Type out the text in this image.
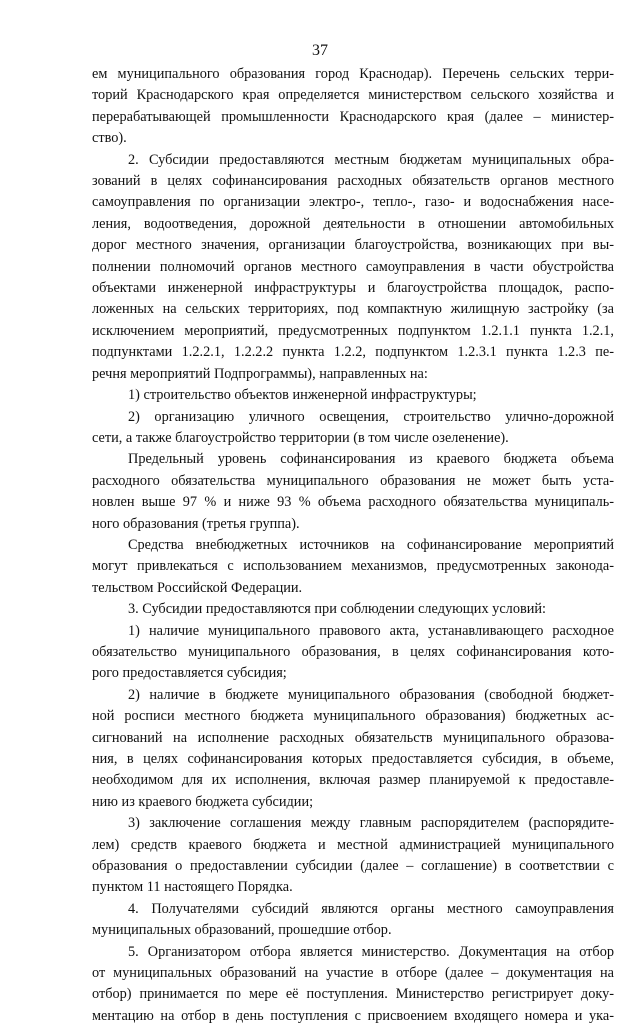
37
ем муниципального образования город Краснодар). Перечень сельских терри-
торий Краснодарского края определяется министерством сельского хозяйства и
перерабатывающей промышленности Краснодарского края (далее – министер-
ство).
2. Субсидии предоставляются местным бюджетам муниципальных обра-
зований в целях софинансирования расходных обязательств органов местного
самоуправления по организации электро-, тепло-, газо- и водоснабжения насе-
ления, водоотведения, дорожной деятельности в отношении автомобильных
дорог местного значения, организации благоустройства, возникающих при вы-
полнении полномочий органов местного самоуправления в части обустройства
объектами инженерной инфраструктуры и благоустройства площадок, распо-
ложенных на сельских территориях, под компактную жилищную застройку (за
исключением мероприятий, предусмотренных подпунктом 1.2.1.1 пункта 1.2.1,
подпунктами 1.2.2.1, 1.2.2.2 пункта 1.2.2, подпунктом 1.2.3.1 пункта 1.2.3 пе-
речня мероприятий Подпрограммы), направленных на:
1) строительство объектов инженерной инфраструктуры;
2) организацию уличного освещения, строительство улично-дорожной
сети, а также благоустройство территории (в том числе озеленение).
Предельный уровень софинансирования из краевого бюджета объема
расходного обязательства муниципального образования не может быть уста-
новлен выше 97 % и ниже 93 % объема расходного обязательства муниципаль-
ного образования (третья группа).
Средства внебюджетных источников на софинансирование мероприятий
могут привлекаться с использованием механизмов, предусмотренных законода-
тельством Российской Федерации.
3. Субсидии предоставляются при соблюдении следующих условий:
1) наличие муниципального правового акта, устанавливающего расходное
обязательство муниципального образования, в целях софинансирования кото-
рого предоставляется субсидия;
2) наличие в бюджете муниципального образования (свободной бюджет-
ной росписи местного бюджета муниципального образования) бюджетных ас-
сигнований на исполнение расходных обязательств муниципального образова-
ния, в целях софинансирования которых предоставляется субсидия, в объеме,
необходимом для их исполнения, включая размер планируемой к предоставле-
нию из краевого бюджета субсидии;
3) заключение соглашения между главным распорядителем (распорядите-
лем) средств краевого бюджета и местной администрацией муниципального
образования о предоставлении субсидии (далее – соглашение) в соответствии с
пунктом 11 настоящего Порядка.
4. Получателями субсидий являются органы местного самоуправления
муниципальных образований, прошедшие отбор.
5. Организатором отбора является министерство. Документация на отбор
от муниципальных образований на участие в отборе (далее – документация на
отбор) принимается по мере её поступления. Министерство регистрирует доку-
ментацию на отбор в день поступления с присвоением входящего номера и ука-
